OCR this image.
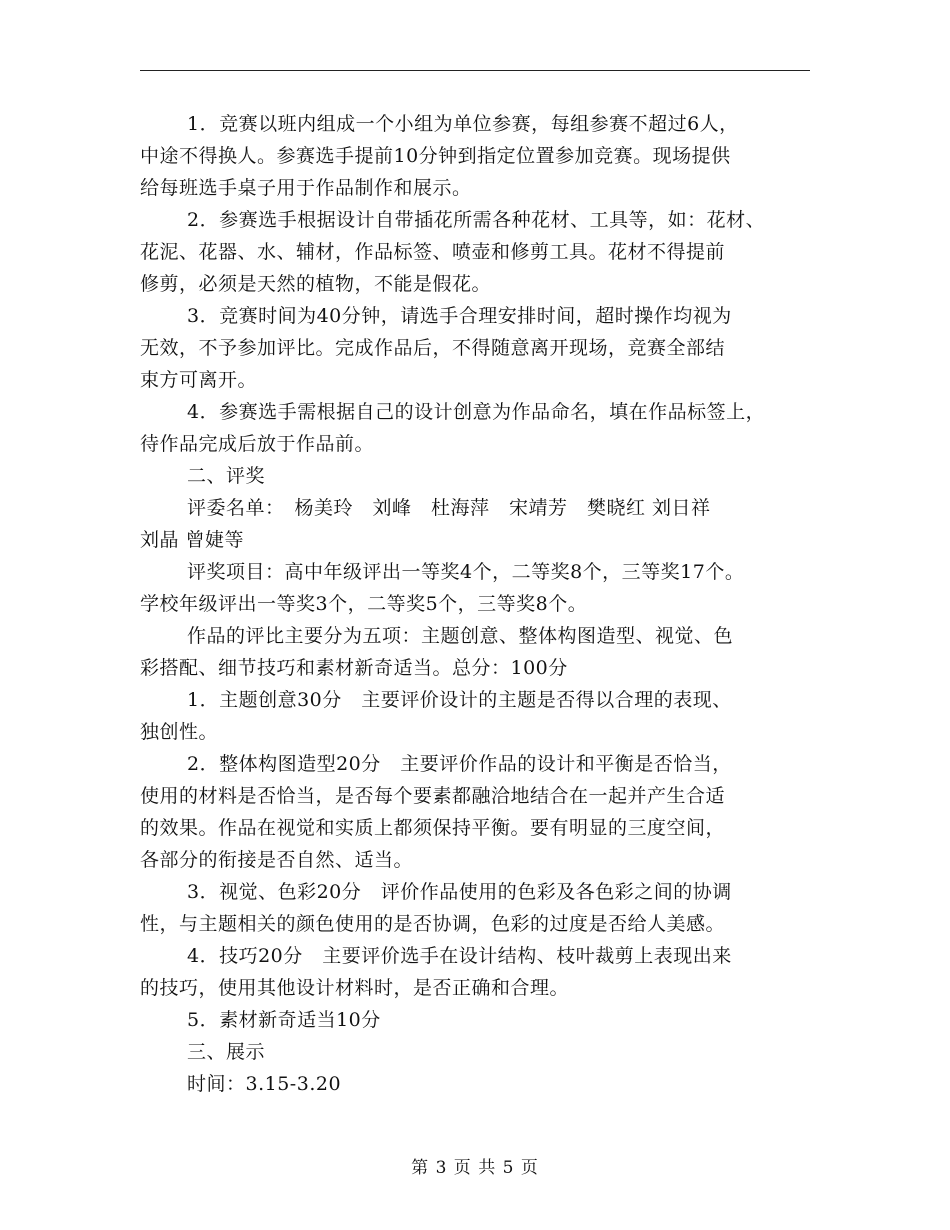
1．竞赛以班内组成一个小组为单位参赛，每组参赛不超过6人，

中途不得换人。参赛选手提前10分钟到指定位置参加竞赛。现场提供

给每班选手桌子用于作品制作和展示。

2．参赛选手根据设计自带插花所需各种花材、工具等，如：花材、

花泥、花器、水、辅材，作品标签、喷壶和修剪工具。花材不得提前

修剪，必须是天然的植物，不能是假花。

3．竞赛时间为40分钟，请选手合理安排时间，超时操作均视为

无效，不予参加评比。完成作品后，不得随意离开现场，竞赛全部结

束方可离开。

4．参赛选手需根据自己的设计创意为作品命名，填在作品标签上，

待作品完成后放于作品前。

二、评奖

评委名单：　杨美玲　刘峰　杜海萍　宋靖芳　樊晓红 刘日祥

刘晶 曾婕等

评奖项目：高中年级评出一等奖4个，二等奖8个，三等奖17个。

学校年级评出一等奖3个，二等奖5个，三等奖8个。

作品的评比主要分为五项：主题创意、整体构图造型、视觉、色

彩搭配、细节技巧和素材新奇适当。总分：100分

1．主题创意30分　主要评价设计的主题是否得以合理的表现、

独创性。

2．整体构图造型20分　主要评价作品的设计和平衡是否恰当，

使用的材料是否恰当，是否每个要素都融洽地结合在一起并产生合适

的效果。作品在视觉和实质上都须保持平衡。要有明显的三度空间，

各部分的衔接是否自然、适当。

3．视觉、色彩20分　评价作品使用的色彩及各色彩之间的协调

性，与主题相关的颜色使用的是否协调，色彩的过度是否给人美感。

4．技巧20分　主要评价选手在设计结构、枝叶裁剪上表现出来

的技巧，使用其他设计材料时，是否正确和合理。

5．素材新奇适当10分

三、展示

时间：3.15-3.20

第 3 页 共 5 页
